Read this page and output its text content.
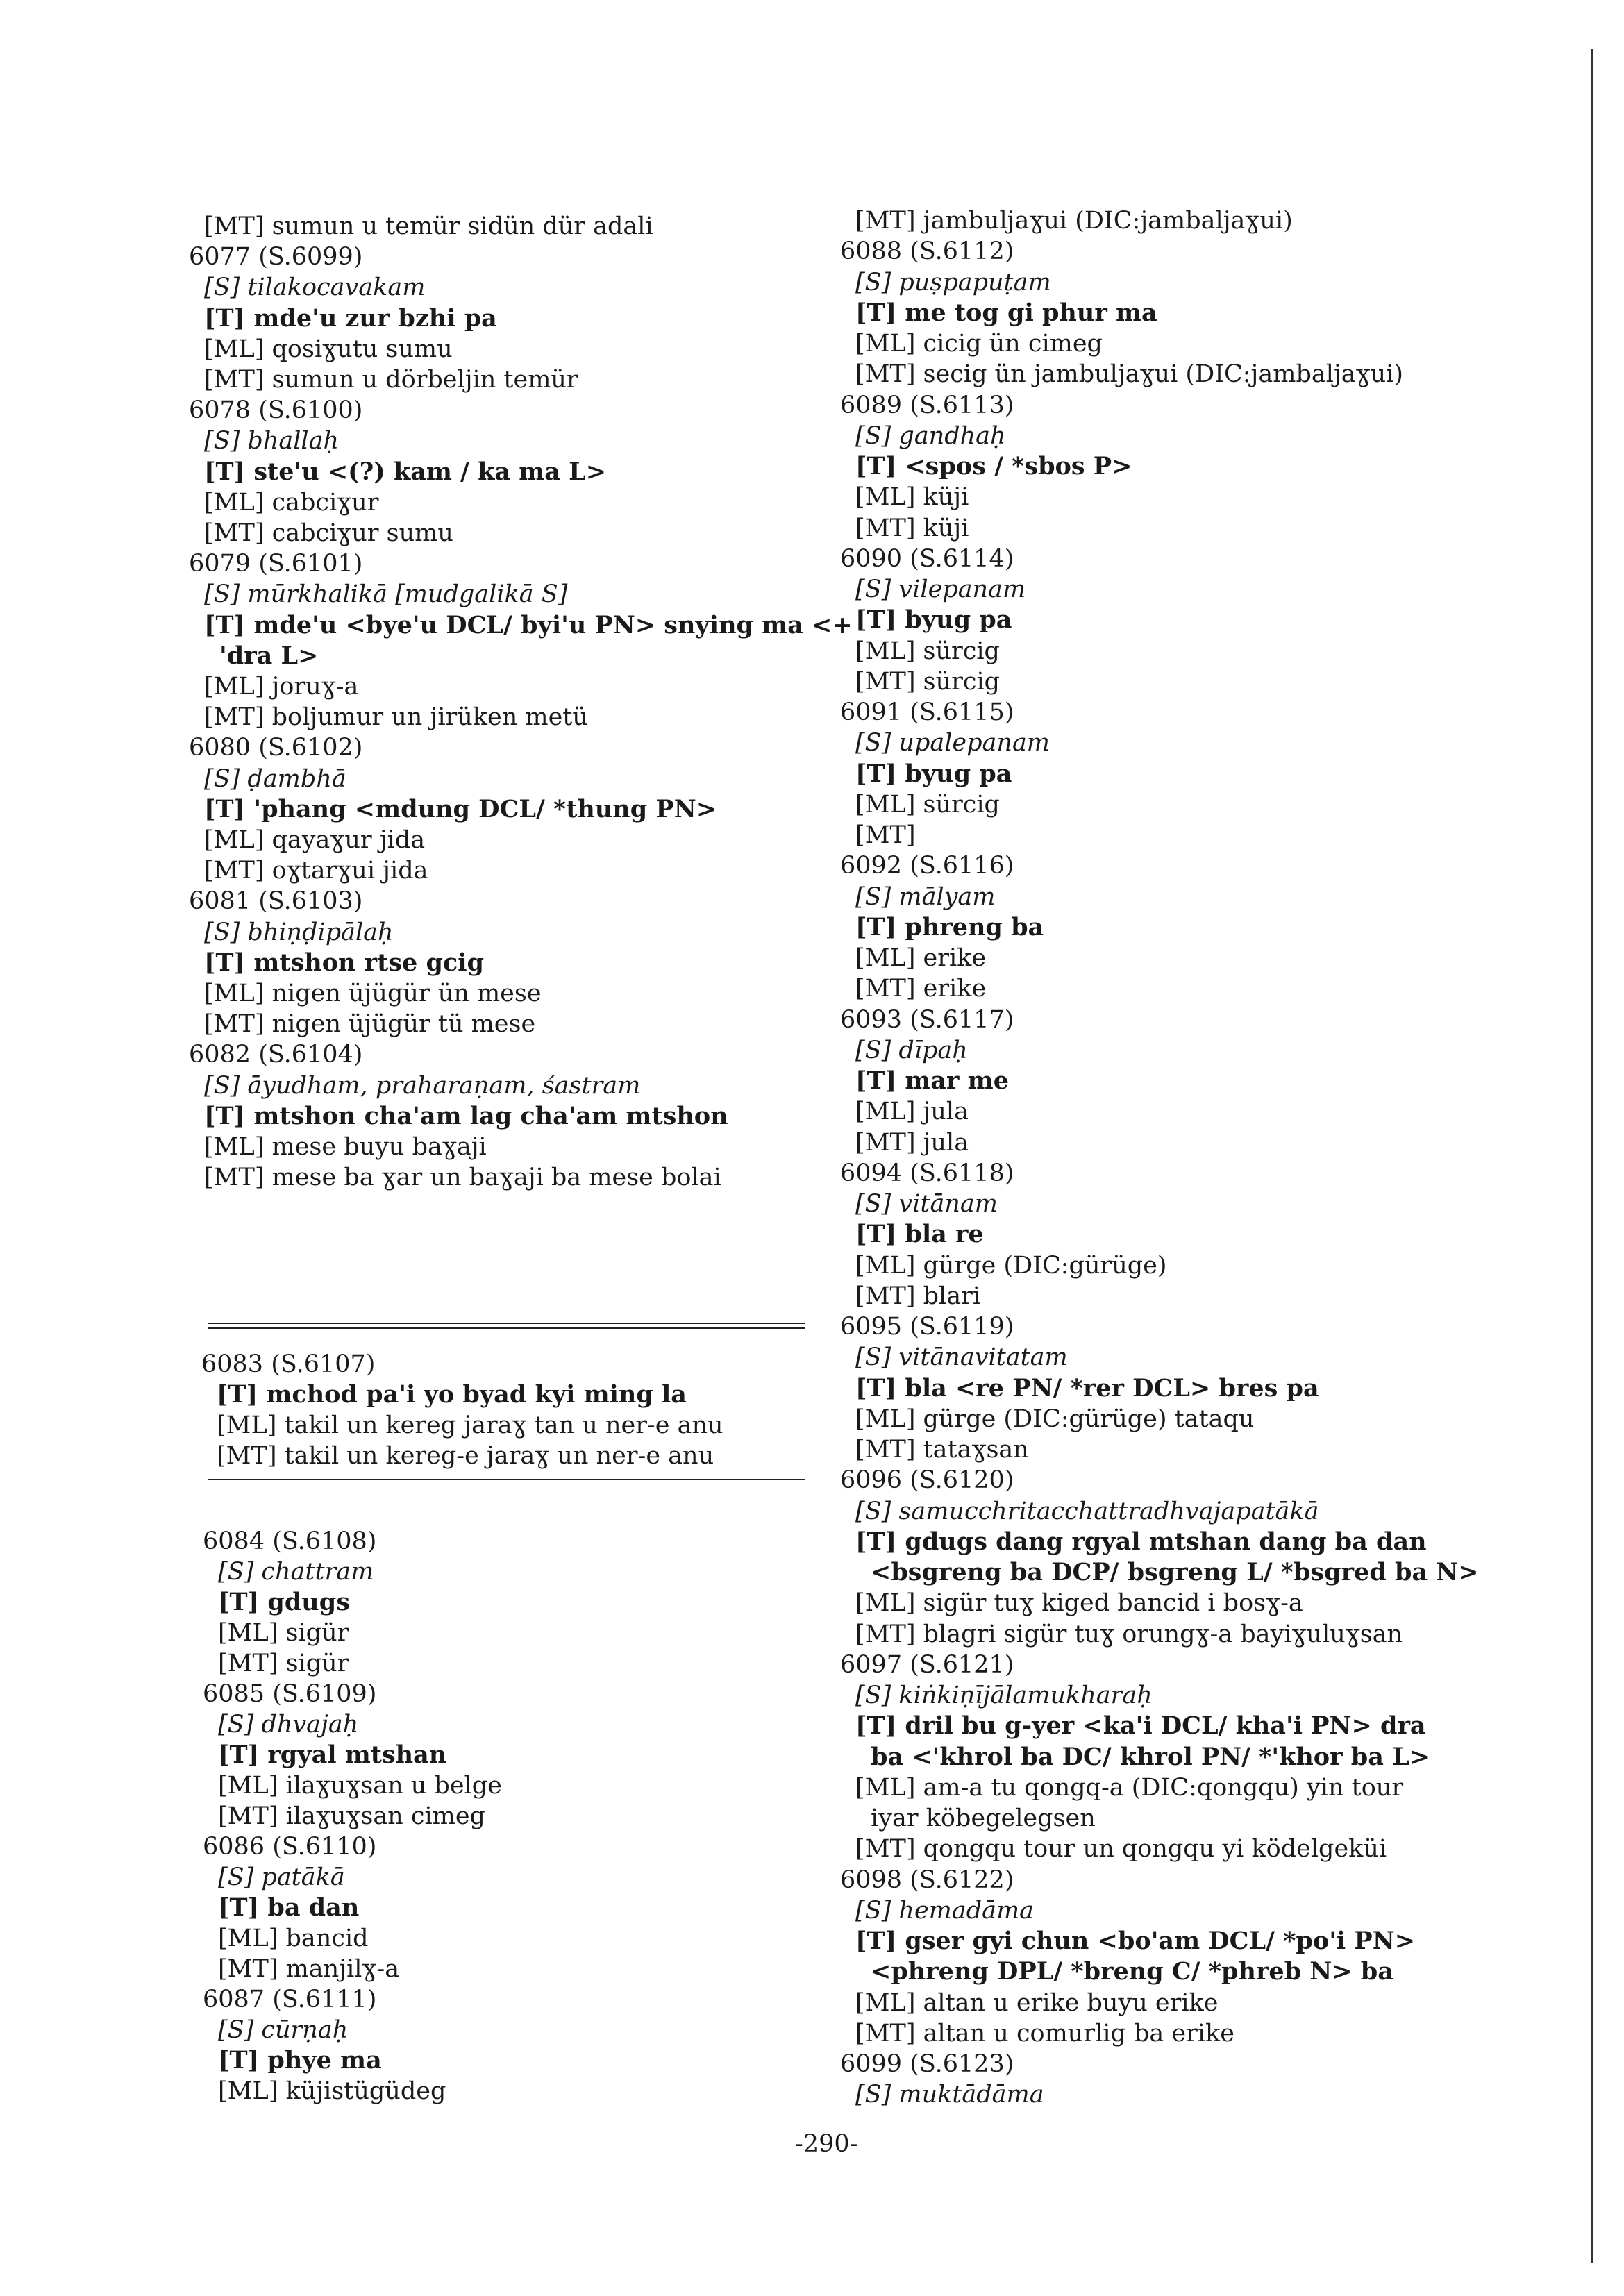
[MT] sumun u temür sidün dür adali
6077 (S.6099)
[S] tilakocavakam
[T] mde'u zur bzhi pa
[ML] qosiɣutu sumu
[MT] sumun u dörbeljin temür
6078 (S.6100)
[S] bhallaḥ
[T] ste'u <(?) kam / ka ma L>
[ML] cabciɣur
[MT] cabciɣur sumu
6079 (S.6101)
[S] mūrkhalikā [mudgalikā S]
[T] mde'u <bye'u DCL/ byi'u PN> snying ma <+
'dra L>
[ML] joruɣ-a
[MT] boljumur un jirüken metü
6080 (S.6102)
[S] ḍambhā
[T] 'phang <mdung DCL/ *thung PN>
[ML] qayaɣur jida
[MT] oɣtarɣui jida
6081 (S.6103)
[S] bhiṇḍipālaḥ
[T] mtshon rtse gcig
[ML] nigen üjügür ün mese
[MT] nigen üjügür tü mese
6082 (S.6104)
[S] āyudham, praharaṇam, śastram
[T] mtshon cha'am lag cha'am mtshon
[ML] mese buyu baɣaji
[MT] mese ba ɣar un baɣaji ba mese bolai
6083 (S.6107)
[T] mchod pa'i yo byad kyi ming la
[ML] takil un kereg jaraɣ tan u ner-e anu
[MT] takil un kereg-e jaraɣ un ner-e anu
6084 (S.6108)
[S] chattram
[T] gdugs
[ML] sigür
[MT] sigür
6085 (S.6109)
[S] dhvajaḥ
[T] rgyal mtshan
[ML] ilaɣuɣsan u belge
[MT] ilaɣuɣsan cimeg
6086 (S.6110)
[S] patākā
[T] ba dan
[ML] bancid
[MT] manjilɣ-a
6087 (S.6111)
[S] cūrṇaḥ
[T] phye ma
[ML] küjistügüdeg
[MT] jambuljaɣui (DIC:jambaljaɣui)
6088 (S.6112)
[S] puṣpapuṭam
[T] me tog gi phur ma
[ML] cicig ün cimeg
[MT] secig ün jambuljaɣui (DIC:jambaljaɣui)
6089 (S.6113)
[S] gandhaḥ
[T] <spos / *sbos P>
[ML] küji
[MT] küji
6090 (S.6114)
[S] vilepanam
[T] byug pa
[ML] sürcig
[MT] sürcig
6091 (S.6115)
[S] upalepanam
[T] byug pa
[ML] sürcig
[MT]
6092 (S.6116)
[S] mālyam
[T] phreng ba
[ML] erike
[MT] erike
6093 (S.6117)
[S] dīpaḥ
[T] mar me
[ML] jula
[MT] jula
6094 (S.6118)
[S] vitānam
[T] bla re
[ML] gürge (DIC:gürüge)
[MT] blari
6095 (S.6119)
[S] vitānavitatam
[T] bla <re PN/ *rer DCL> bres pa
[ML] gürge (DIC:gürüge) tataqu
[MT] tataɣsan
6096 (S.6120)
[S] samucchritacchattradhvajapatākā
[T] gdugs dang rgyal mtshan dang ba dan
<bsgreng ba DCP/ bsgreng L/ *bsgred ba N>
[ML] sigür tuɣ kiged bancid i bosɣ-a
[MT] blagri sigür tuɣ orungɣ-a bayiɣuluɣsan
6097 (S.6121)
[S] kiṅkiṇījālamukharaḥ
[T] dril bu g-yer <ka'i DCL/ kha'i PN> dra
ba <'khrol ba DC/ khrol PN/ *'khor ba L>
[ML] am-a tu qongq-a (DIC:qongqu) yin tour
iyar köbegelegsen
[MT] qongqu tour un qongqu yi ködelgeküi
6098 (S.6122)
[S] hemadāma
[T] gser gyi chun <bo'am DCL/ *po'i PN>
<phreng DPL/ *breng C/ *phreb N> ba
[ML] altan u erike buyu erike
[MT] altan u comurlig ba erike
6099 (S.6123)
[S] muktādāma
-290-
